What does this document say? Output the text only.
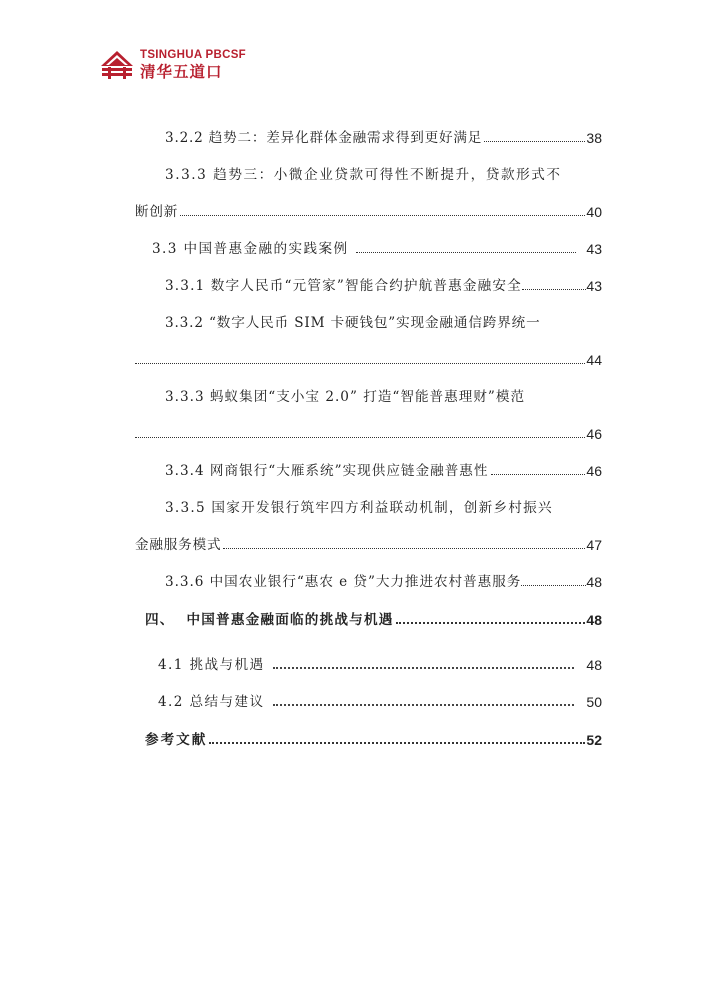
TSINGHUA PBCSF
清华五道口
3.2.2 趋势二：差异化群体金融需求得到更好满足	38
3.3.3 趋势三：小微企业贷款可得性不断提升，贷款形式不
断创新	40
3.3 中国普惠金融的实践案例	43
3.3.1 数字人民币“元管家”智能合约护航普惠金融安全	43
3.3.2 “数字人民币 SIM 卡硬钱包”实现金融通信跨界统一
44
3.3.3 蚂蚁集团“支小宝 2.0” 打造“智能普惠理财”模范
46
3.3.4 网商银行“大雁系统”实现供应链金融普惠性	46
3.3.5 国家开发银行筑牢四方利益联动机制，创新乡村振兴
金融服务模式	47
3.3.6 中国农业银行“惠农 e 贷”大力推进农村普惠服务	48
四、  中国普惠金融面临的挑战与机遇	48
4.1 挑战与机遇	48
4.2 总结与建议	50
参考文献	52
